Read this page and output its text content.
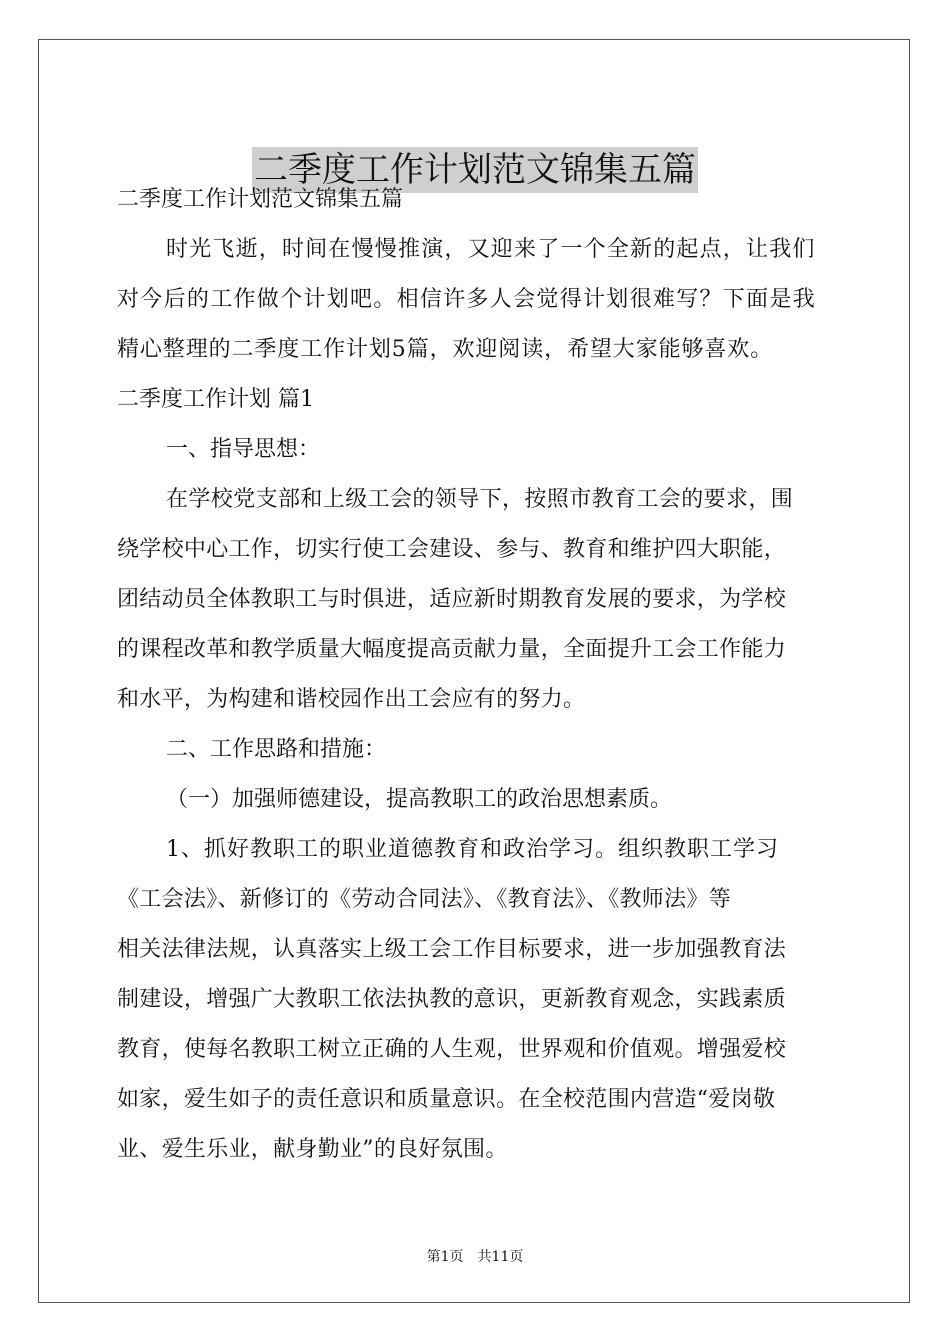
二季度工作计划范文锦集五篇
二季度工作计划范文锦集五篇
时光飞逝，时间在慢慢推演，又迎来了一个全新的起点，让我们
对今后的工作做个计划吧。相信许多人会觉得计划很难写？下面是我
精心整理的二季度工作计划5篇，欢迎阅读，希望大家能够喜欢。
二季度工作计划 篇1
一、指导思想：
在学校党支部和上级工会的领导下，按照市教育工会的要求，围
绕学校中心工作，切实行使工会建设、参与、教育和维护四大职能，
团结动员全体教职工与时俱进，适应新时期教育发展的要求，为学校
的课程改革和教学质量大幅度提高贡献力量，全面提升工会工作能力
和水平，为构建和谐校园作出工会应有的努力。
二、工作思路和措施：
（一）加强师德建设，提高教职工的政治思想素质。
1、抓好教职工的职业道德教育和政治学习。组织教职工学习
《工会法》、新修订的《劳动合同法》、《教育法》、《教师法》等
相关法律法规，认真落实上级工会工作目标要求，进一步加强教育法
制建设，增强广大教职工依法执教的意识，更新教育观念，实践素质
教育，使每名教职工树立正确的人生观，世界观和价值观。增强爱校
如家，爱生如子的责任意识和质量意识。在全校范围内营造“爱岗敬
业、爱生乐业，献身勤业”的良好氛围。
第1页　共11页
